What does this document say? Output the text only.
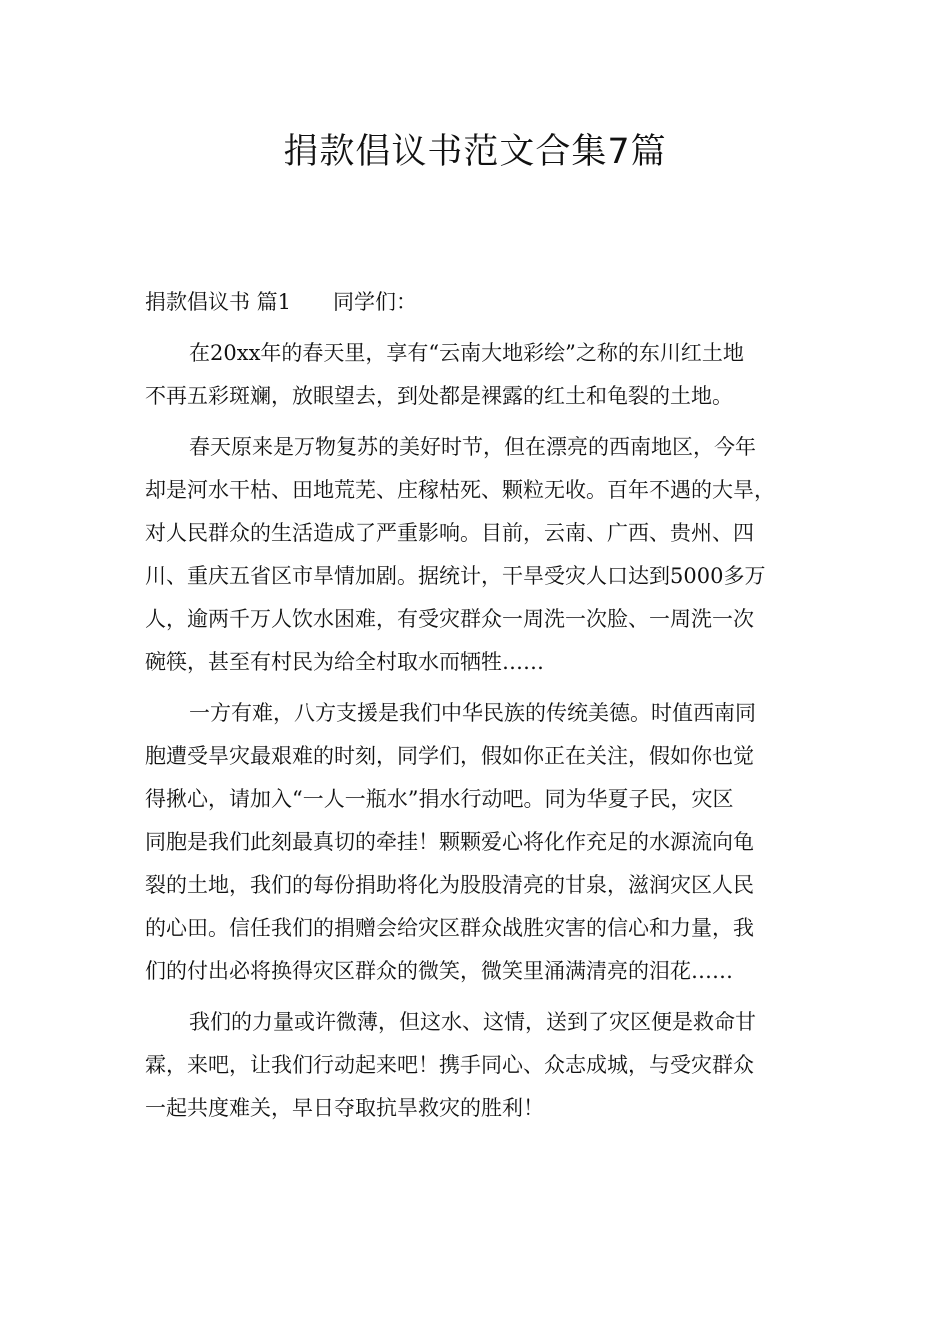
捐款倡议书范文合集7篇
捐款倡议书 篇1 同学们：
在20xx年的春天里，享有“云南大地彩绘”之称的东川红土地
不再五彩斑斓，放眼望去，到处都是裸露的红土和龟裂的土地。
春天原来是万物复苏的美好时节，但在漂亮的西南地区，今年
却是河水干枯、田地荒芜、庄稼枯死、颗粒无收。百年不遇的大旱，
对人民群众的生活造成了严重影响。目前，云南、广西、贵州、四
川、重庆五省区市旱情加剧。据统计，干旱受灾人口达到5000多万
人，逾两千万人饮水困难，有受灾群众一周洗一次脸、一周洗一次
碗筷，甚至有村民为给全村取水而牺牲……
一方有难，八方支援是我们中华民族的传统美德。时值西南同
胞遭受旱灾最艰难的时刻，同学们，假如你正在关注，假如你也觉
得揪心，请加入“一人一瓶水”捐水行动吧。同为华夏子民，灾区
同胞是我们此刻最真切的牵挂！颗颗爱心将化作充足的水源流向龟
裂的土地，我们的每份捐助将化为股股清亮的甘泉，滋润灾区人民
的心田。信任我们的捐赠会给灾区群众战胜灾害的信心和力量，我
们的付出必将换得灾区群众的微笑，微笑里涌满清亮的泪花……
我们的力量或许微薄，但这水、这情，送到了灾区便是救命甘
霖，来吧，让我们行动起来吧！携手同心、众志成城，与受灾群众
一起共度难关，早日夺取抗旱救灾的胜利！
